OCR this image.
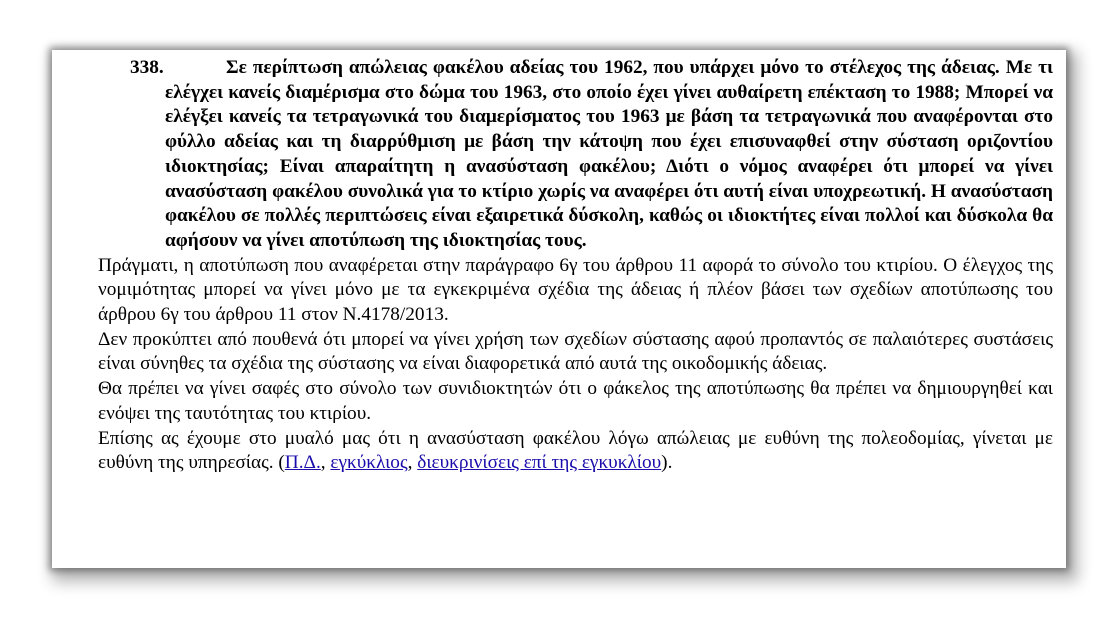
338.	Σε περίπτωση απώλειας φακέλου αδείας του 1962, που υπάρχει μόνο το στέλεχος της άδειας. Με τι ελέγχει κανείς διαμέρισμα στο δώμα του 1963, στο οποίο έχει γίνει αυθαίρετη επέκταση το 1988; Μπορεί να ελέγξει κανείς τα τετραγωνικά του διαμερίσματος του 1963 με βάση τα τετραγωνικά που αναφέρονται στο φύλλο αδείας και τη διαρρύθμιση με βάση την κάτοψη που έχει επισυναφθεί στην σύσταση οριζοντίου ιδιοκτησίας; Είναι απαραίτητη η ανασύσταση φακέλου; Διότι ο νόμος αναφέρει ότι μπορεί να γίνει ανασύσταση φακέλου συνολικά για το κτίριο χωρίς να αναφέρει ότι αυτή είναι υποχρεωτική. Η ανασύσταση φακέλου σε πολλές περιπτώσεις είναι εξαιρετικά δύσκολη, καθώς οι ιδιοκτήτες είναι πολλοί και δύσκολα θα αφήσουν να γίνει αποτύπωση της ιδιοκτησίας τους.

Πράγματι, η αποτύπωση που αναφέρεται στην παράγραφο 6γ του άρθρου 11 αφορά το σύνολο του κτιρίου. Ο έλεγχος της νομιμότητας μπορεί να γίνει μόνο με τα εγκεκριμένα σχέδια της άδειας ή πλέον βάσει των σχεδίων αποτύπωσης του άρθρου 6γ του άρθρου 11 στον Ν.4178/2013.

Δεν προκύπτει από πουθενά ότι μπορεί να γίνει χρήση των σχεδίων σύστασης αφού προπαντός σε παλαιότερες συστάσεις είναι σύνηθες τα σχέδια της σύστασης να είναι διαφορετικά από αυτά της οικοδομικής άδειας.

Θα πρέπει να γίνει σαφές στο σύνολο των συνιδιοκτητών ότι ο φάκελος της αποτύπωσης θα πρέπει να δημιουργηθεί και ενόψει της ταυτότητας του κτιρίου.

Επίσης ας έχουμε στο μυαλό μας ότι η ανασύσταση φακέλου λόγω απώλειας με ευθύνη της πολεοδομίας, γίνεται με ευθύνη της υπηρεσίας. (Π.Δ., εγκύκλιος, διευκρινίσεις επί της εγκυκλίου).
